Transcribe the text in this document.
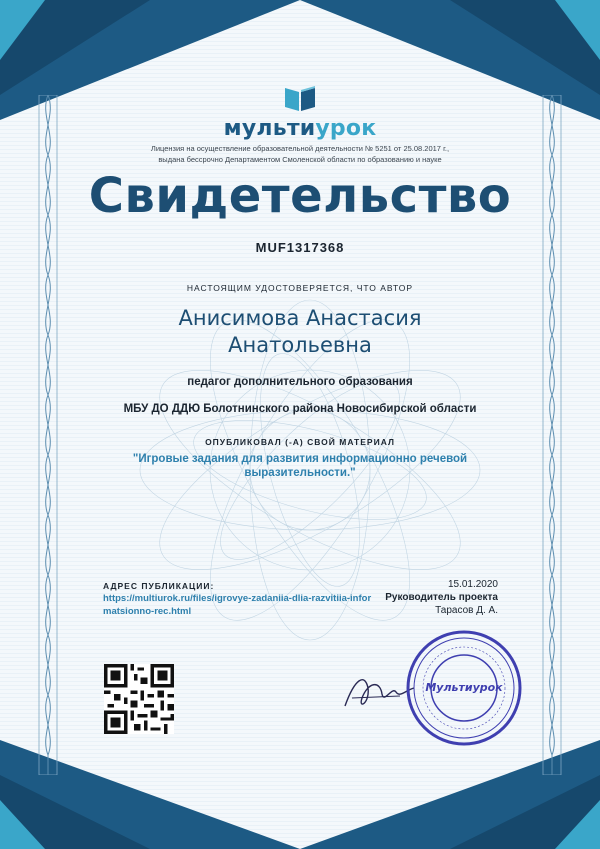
мультиурок
Лицензия на осуществление образовательной деятельности № 5251 от 25.08.2017 г.,
выдана бессрочно Департаментом Смоленской области по образованию и науке
Свидетельство
MUF1317368
НАСТОЯЩИМ УДОСТОВЕРЯЕТСЯ, ЧТО АВТОР
Анисимова Анастасия
Анатольевна
педагог дополнительного образования
МБУ ДО ДДЮ Болотнинского района Новосибирской области
ОПУБЛИКОВАЛ (-А) СВОЙ МАТЕРИАЛ
"Игровые задания для развития информационно речевой выразительности."
АДРЕС ПУБЛИКАЦИИ:
https://multiurok.ru/files/igrovye-zadaniia-dlia-razvitiia-informatsionno-rec.html
15.01.2020
Руководитель проекта
Тарасов Д. А.
Мультиурок
